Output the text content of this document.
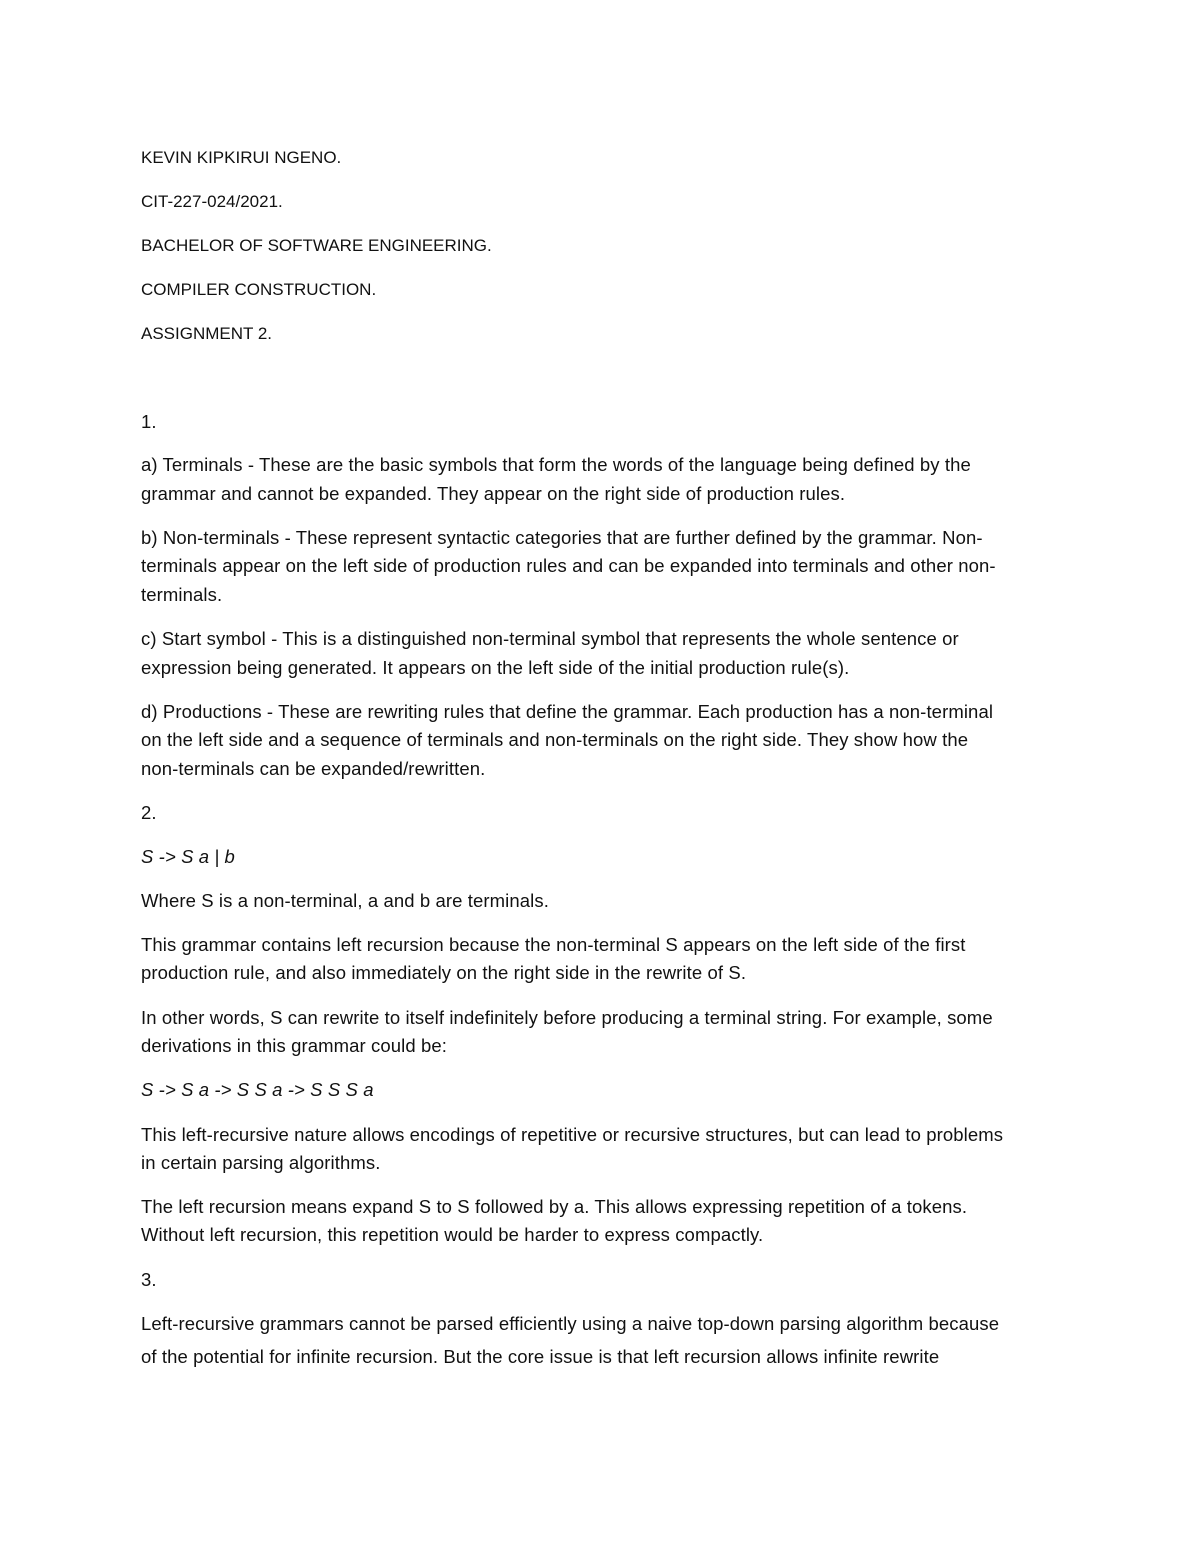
KEVIN KIPKIRUI NGENO.
CIT-227-024/2021.
BACHELOR OF SOFTWARE ENGINEERING.
COMPILER CONSTRUCTION.
ASSIGNMENT 2.
1.
a) Terminals - These are the basic symbols that form the words of the language being defined by the
grammar and cannot be expanded. They appear on the right side of production rules.
b) Non-terminals - These represent syntactic categories that are further defined by the grammar. Non-
terminals appear on the left side of production rules and can be expanded into terminals and other non-
terminals.
c) Start symbol - This is a distinguished non-terminal symbol that represents the whole sentence or
expression being generated. It appears on the left side of the initial production rule(s).
d) Productions - These are rewriting rules that define the grammar. Each production has a non-terminal
on the left side and a sequence of terminals and non-terminals on the right side. They show how the
non-terminals can be expanded/rewritten.
2.
S -> S a | b
Where S is a non-terminal, a and b are terminals.
This grammar contains left recursion because the non-terminal S appears on the left side of the first
production rule, and also immediately on the right side in the rewrite of S.
In other words, S can rewrite to itself indefinitely before producing a terminal string. For example, some
derivations in this grammar could be:
S -> S a -> S S a -> S S S a
This left-recursive nature allows encodings of repetitive or recursive structures, but can lead to problems
in certain parsing algorithms.
The left recursion means expand S to S followed by a. This allows expressing repetition of a tokens.
Without left recursion, this repetition would be harder to express compactly.
3.
Left-recursive grammars cannot be parsed efficiently using a naive top-down parsing algorithm because
of the potential for infinite recursion. But the core issue is that left recursion allows infinite rewrite
